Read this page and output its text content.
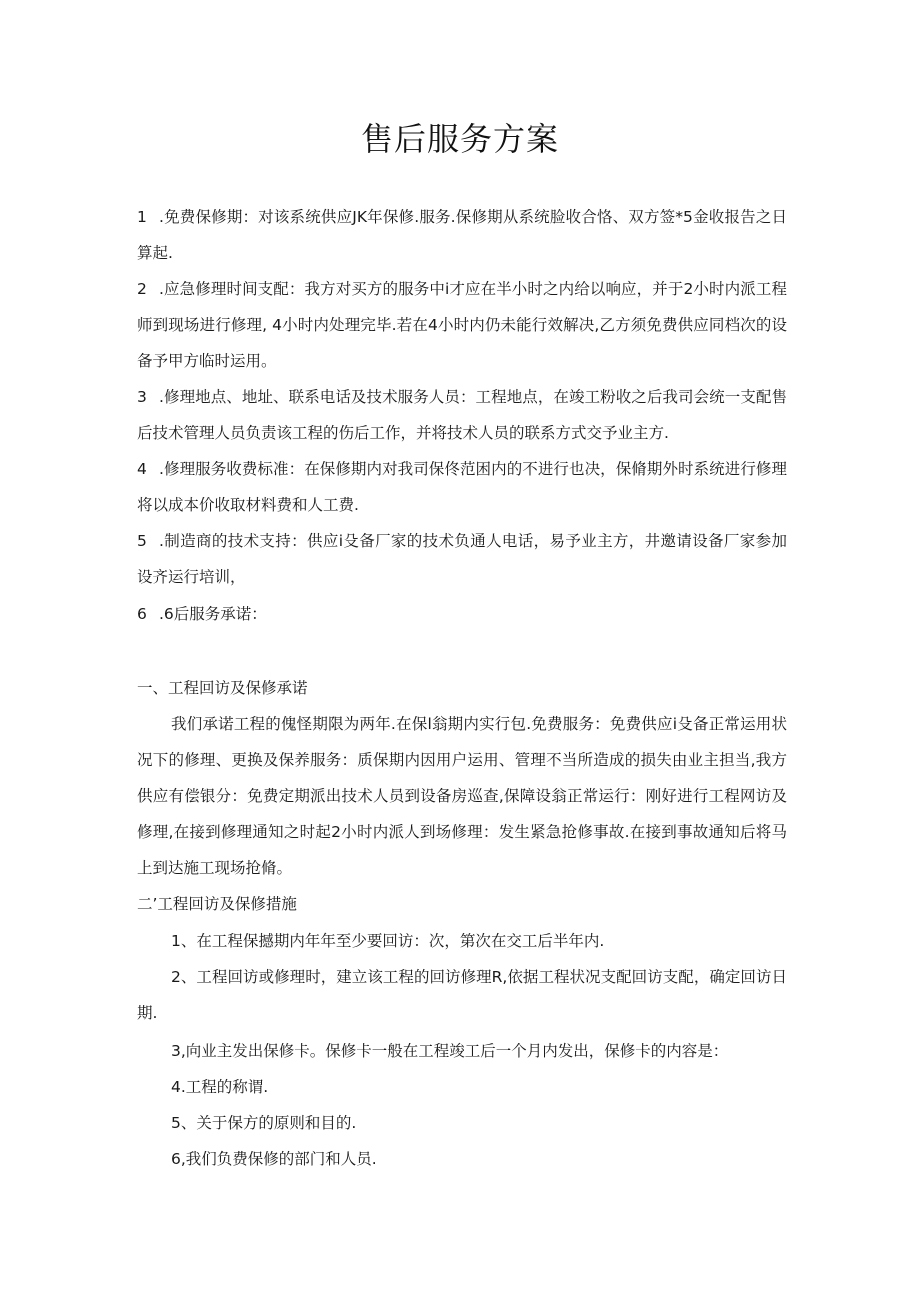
售后服务方案

1 .免费保修期：对该系统供应JK年保修.服务.保修期从系统脸收合恪、双方签*5金收报告之日算起.

2 .应急修理时间支配：我方对买方的服务中i才应在半小时之内给以响应，并于2小时内派工程师到现场进行修理, 4小时内处理完毕.若在4小时内仍未能行效解决,乙方须免费供应同档次的设备予甲方临时运用。

3 .修理地点、地址、联系电话及技术服务人员：工程地点，在竣工粉收之后我司会统一支配售后技术管理人员负责该工程的伤后工作，并将技术人员的联系方式交予业主方.

4 .修理服务收费标准：在保修期内对我司保佟范困内的不进行也决，保脩期外时系统进行修理将以成本价收取材料费和人工费.

5 .制造商的技术支持：供应i殳备厂家的技术负通人电话，易予业主方，井邀请设备厂家参加设齐运行培训，

6 .6后服务承诺：

一、工程回访及保修承诺
我们承诺工程的傀怪期限为两年.在保l翁期内实行包.免费服务：免费供应i殳备正常运用状况下的修理、更换及保养服务：质保期内因用户运用、管理不当所造成的损失由业主担当,我方供应有偿银分：免费定期派出技术人员到设备房巡查,保障设翁正常运行：刚好进行工程网访及修理,在接到修理通知之时起2小时内派人到场修理：发生紧急抢修事故.在接到事故通知后将马上到达施工现场抢脩。
二’工程回访及保修措施
1、在工程保撼期内年年至少要回访：次，第次在交工后半年内.
2、工程回访或修理时，建立该工程的回访修理R,依据工程状况支配回访支配，确定回访日期.
3,向业主发出保修卡。保修卡一般在工程竣工后一个月内发出，保修卡的内容是：
4.工程的称谓.
5、关于保方的原则和目的.
6,我们负费保修的部门和人员.
